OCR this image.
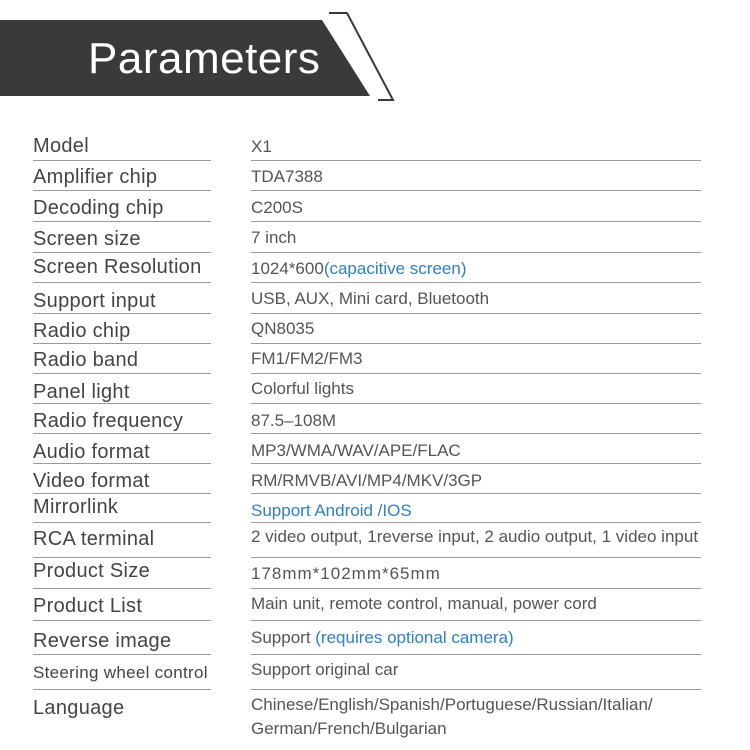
Parameters
Model	X1
Amplifier chip	TDA7388
Decoding chip	C200S
Screen size	7 inch
Screen Resolution	1024*600(capacitive screen)
Support input	USB, AUX, Mini card, Bluetooth
Radio chip	QN8035
Radio band	FM1/FM2/FM3
Panel light	Colorful lights
Radio frequency	87.5–108M
Audio format	MP3/WMA/WAV/APE/FLAC
Video format	RM/RMVB/AVI/MP4/MKV/3GP
Mirrorlink	Support Android /IOS
RCA terminal	2 video output, 1reverse input, 2 audio output, 1 video input
Product Size	178mm*102mm*65mm
Product List	Main unit, remote control, manual, power cord
Reverse image	Support (requires optional camera)
Steering wheel control	Support original car
Language	Chinese/English/Spanish/Portuguese/Russian/Italian/
German/French/Bulgarian
